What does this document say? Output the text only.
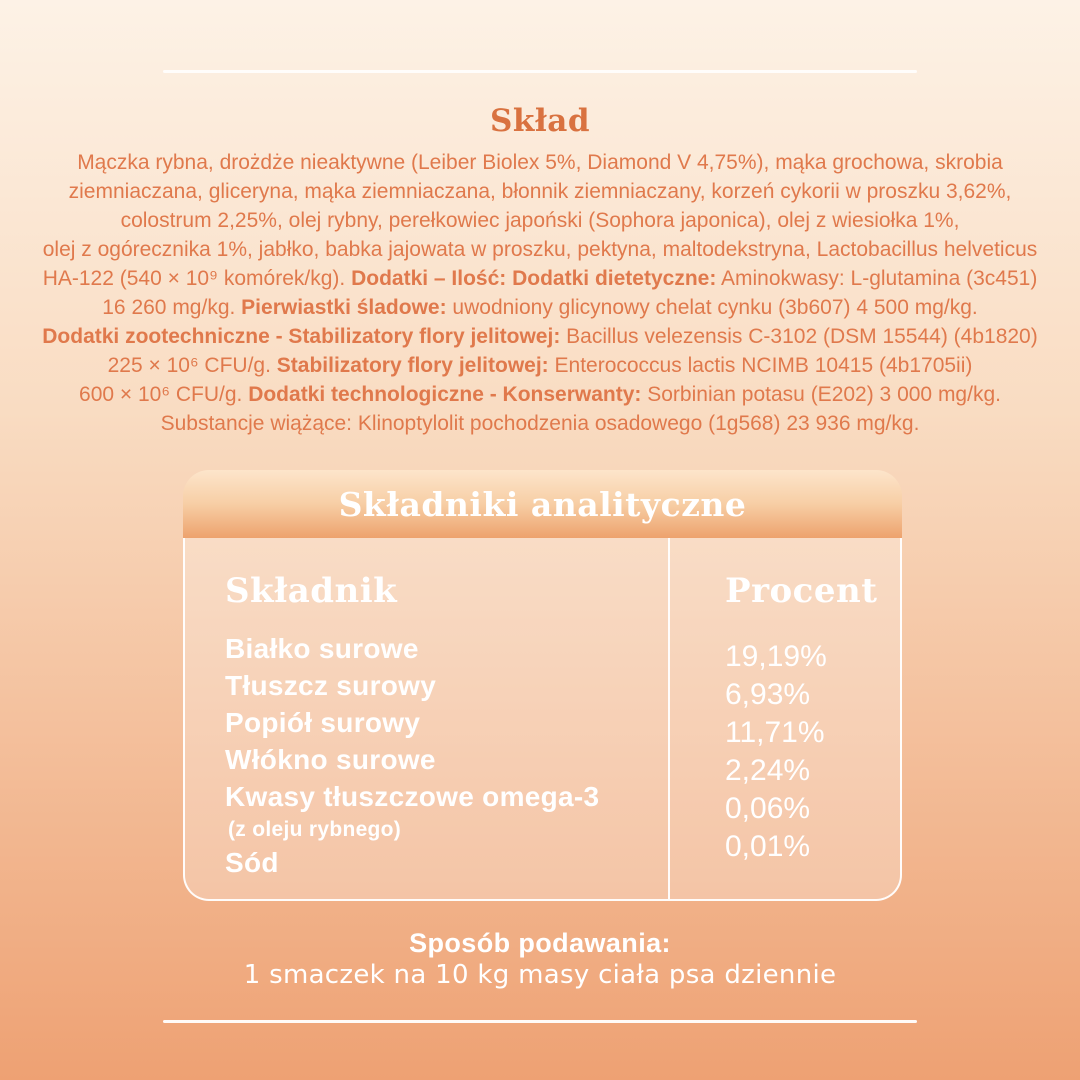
Skład
Mączka rybna, drożdże nieaktywne (Leiber Biolex 5%, Diamond V 4,75%), mąka grochowa, skrobia
ziemniaczana, gliceryna, mąka ziemniaczana, błonnik ziemniaczany, korzeń cykorii w proszku 3,62%,
colostrum 2,25%, olej rybny, perełkowiec japoński (Sophora japonica), olej z wiesiołka 1%,
olej z ogórecznika 1%, jabłko, babka jajowata w proszku, pektyna, maltodekstryna, Lactobacillus helveticus
HA-122 (540 × 10⁹ komórek/kg). Dodatki – Ilość: Dodatki dietetyczne: Aminokwasy: L-glutamina (3c451)
16 260 mg/kg. Pierwiastki śladowe: uwodniony glicynowy chelat cynku (3b607) 4 500 mg/kg.
Dodatki zootechniczne - Stabilizatory flory jelitowej: Bacillus velezensis C-3102 (DSM 15544) (4b1820)
225 × 10⁶ CFU/g. Stabilizatory flory jelitowej: Enterococcus lactis NCIMB 10415 (4b1705ii)
600 × 10⁶ CFU/g. Dodatki technologiczne - Konserwanty: Sorbinian potasu (E202) 3 000 mg/kg.
Substancje wiążące: Klinoptylolit pochodzenia osadowego (1g568) 23 936 mg/kg.
Składniki analityczne
Składnik	Procent
Białko surowe
Tłuszcz surowy
Popiół surowy
Włókno surowe
Kwasy tłuszczowe omega-3
(z oleju rybnego)
Sód
19,19%
6,93%
11,71%
2,24%
0,06%
0,01%
Sposób podawania:
1 smaczek na 10 kg masy ciała psa dziennie
